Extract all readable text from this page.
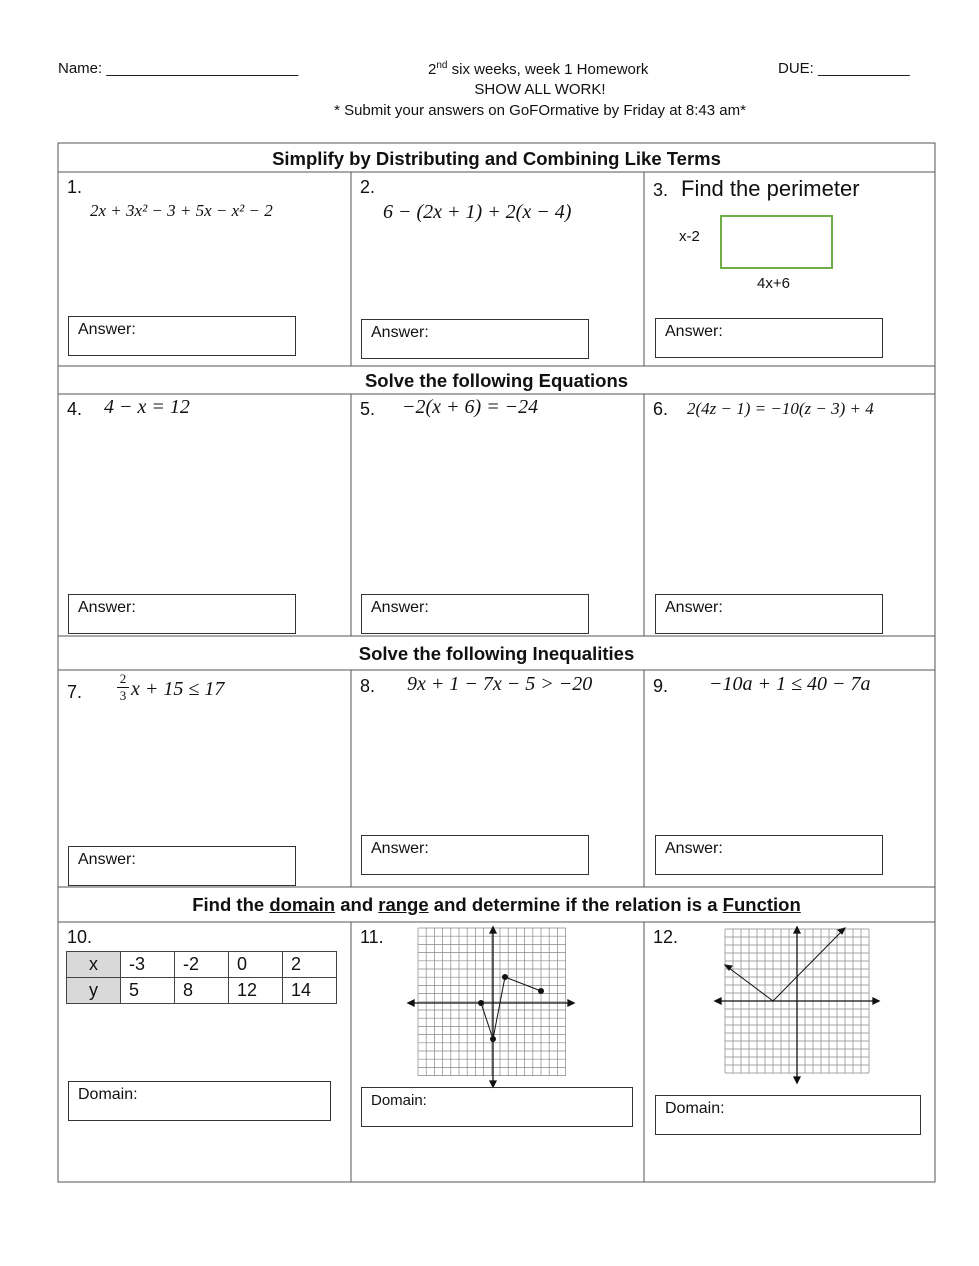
Name: _______________________	2nd six weeks, week 1 Homework	DUE: ___________
SHOW ALL WORK!
* Submit your answers on GoFOrmative by Friday at 8:43 am*
Simplify by Distributing and Combining Like Terms
Solve the following Equations
Solve the following Inequalities
Find the domain and range and determine if the relation is a Function
1.
2x + 3x² − 3 + 5x − x² − 2
Answer:
2.
6 − (2x + 1) + 2(x − 4)
Answer:
3. Find the perimeter
x-2
4x+6
Answer:
4. 4 − x = 12
Answer:
5. −2(x + 6) = −24
Answer:
6. 2(4z − 1) = −10(z − 3) + 4
Answer:
7.	$\frac{2}{3}$ x + 15 ≤ 17
Answer:
8. 9x + 1 − 7x − 5 > −20
Answer:
9. −10a + 1 ≤ 40 − 7a
Answer:
10.
x	-3	-2	0	2
y	5	8	12	14
Domain:
11.
Domain:
12.
Domain:
